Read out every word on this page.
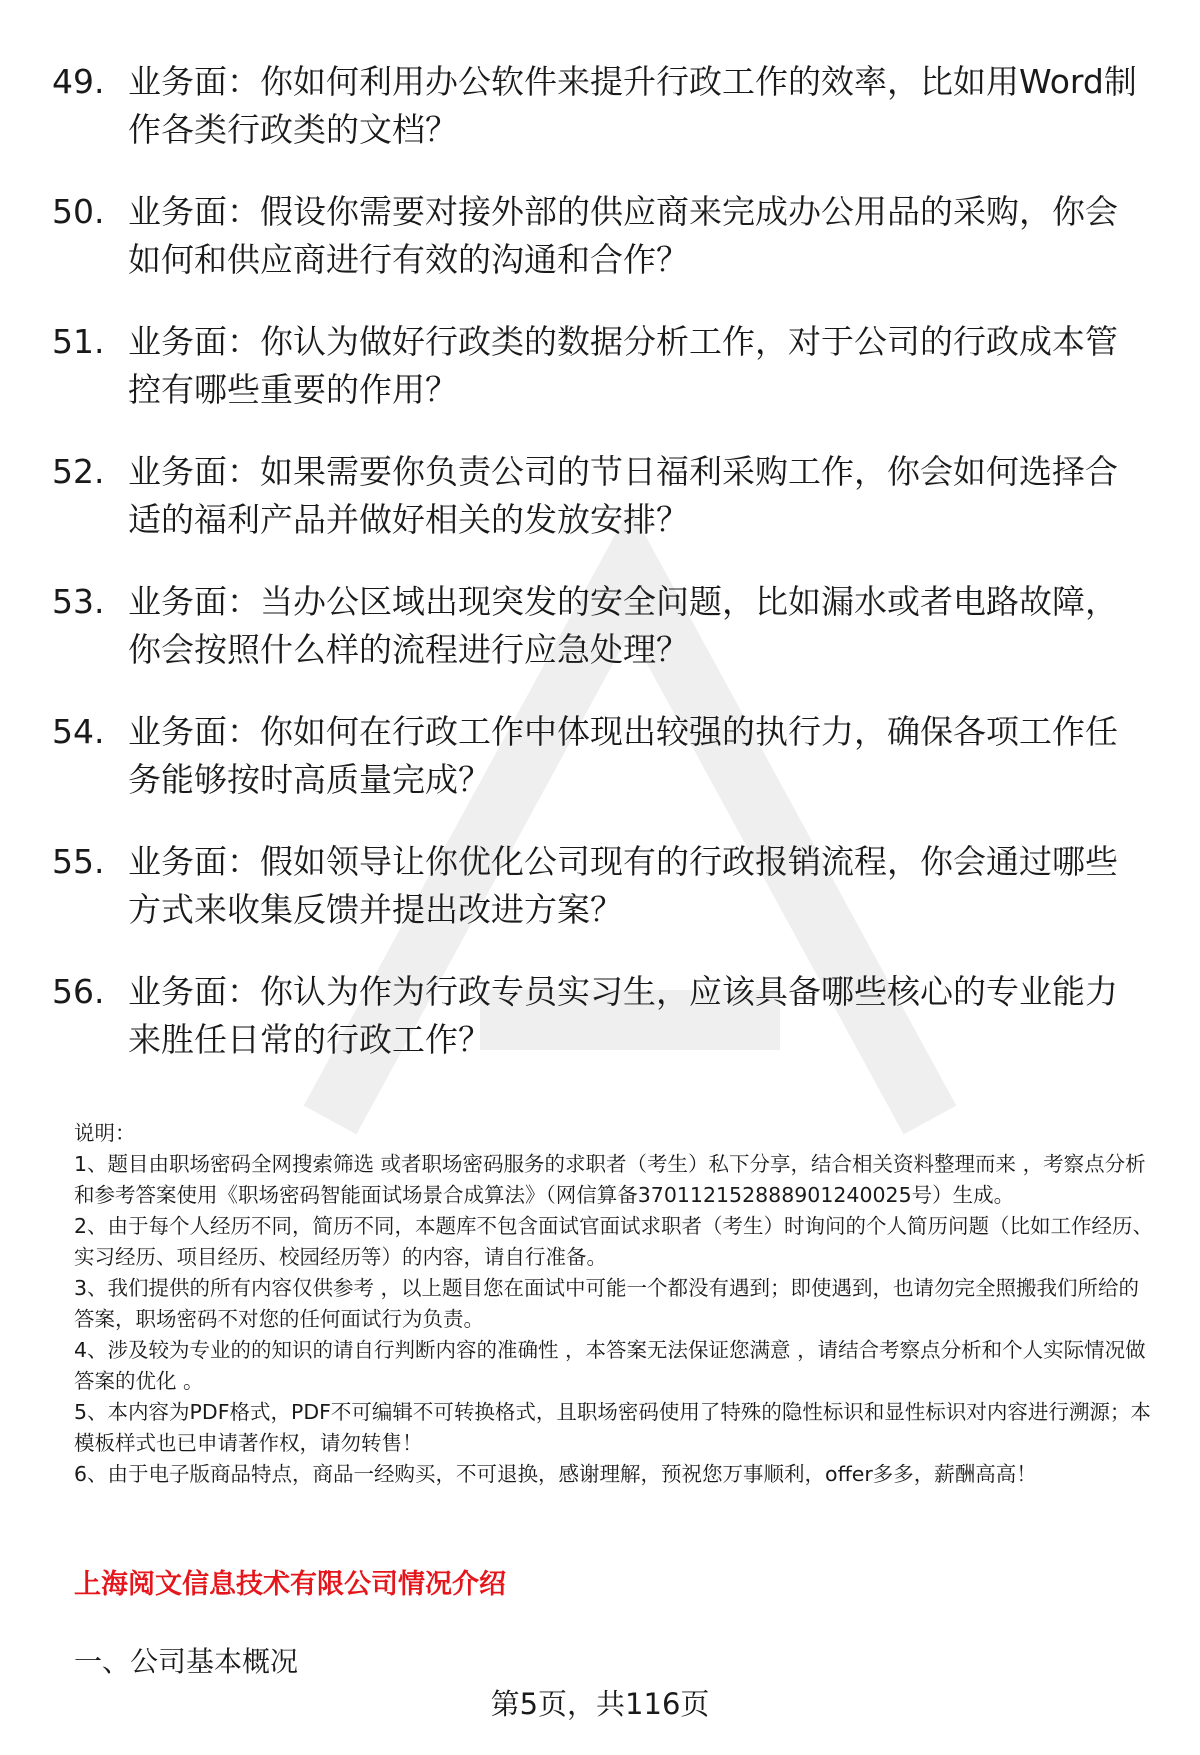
49. 业务面：你如何利用办公软件来提升行政工作的效率，比如用Word制作各类行政类的文档？
50. 业务面：假设你需要对接外部的供应商来完成办公用品的采购，你会如何和供应商进行有效的沟通和合作？
51. 业务面：你认为做好行政类的数据分析工作，对于公司的行政成本管控有哪些重要的作用？
52. 业务面：如果需要你负责公司的节日福利采购工作，你会如何选择合适的福利产品并做好相关的发放安排？
53. 业务面：当办公区域出现突发的安全问题，比如漏水或者电路故障，你会按照什么样的流程进行应急处理？
54. 业务面：你如何在行政工作中体现出较强的执行力，确保各项工作任务能够按时高质量完成？
55. 业务面：假如领导让你优化公司现有的行政报销流程，你会通过哪些方式来收集反馈并提出改进方案？
56. 业务面：你认为作为行政专员实习生，应该具备哪些核心的专业能力来胜任日常的行政工作？

说明：

1、题目由职场密码全网搜索筛选 或者职场密码服务的求职者（考生）私下分享，结合相关资料整理而来 ，考察点分析和参考答案使用《职场密码智能面试场景合成算法》（网信算备370112152888901240025号）生成。

2、由于每个人经历不同，简历不同，本题库不包含面试官面试求职者（考生）时询问的个人简历问题（比如工作经历、实习经历、项目经历、校园经历等）的内容，请自行准备。

3、我们提供的所有内容仅供参考 ，以上题目您在面试中可能一个都没有遇到；即使遇到，也请勿完全照搬我们所给的答案，职场密码不对您的任何面试行为负责。

4、涉及较为专业的的知识的请自行判断内容的准确性 ，本答案无法保证您满意 ，请结合考察点分析和个人实际情况做答案的优化 。

5、本内容为PDF格式，PDF不可编辑不可转换格式，且职场密码使用了特殊的隐性标识和显性标识对内容进行溯源；本模板样式也已申请著作权，请勿转售！

6、由于电子版商品特点，商品一经购买，不可退换，感谢理解，预祝您万事顺利，offer多多，薪酬高高！

上海阅文信息技术有限公司情况介绍
一、公司基本概况
第5页，共116页
